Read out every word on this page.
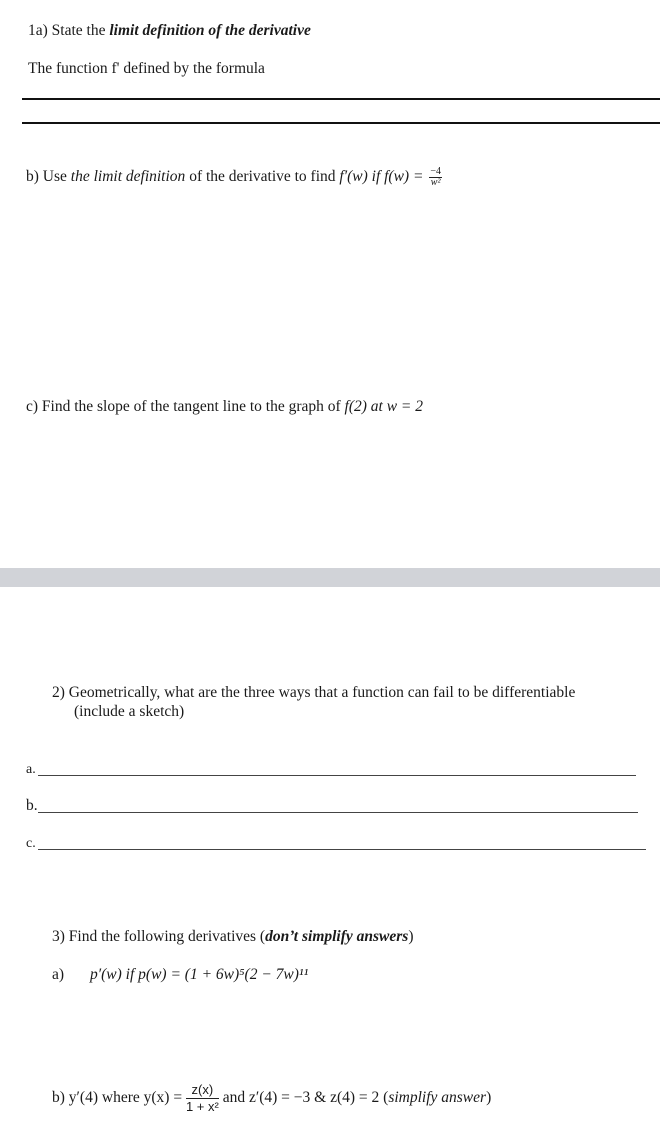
1a) State the limit definition of the derivative
The function f' defined by the formula
b) Use the limit definition of the derivative to find f′(w) if $f(w) = \frac{-4}{\text{w²}}$
c) Find the slope of the tangent line to the graph of f(2) at w = 2
2) Geometrically, what are the three ways that a function can fail to be differentiable
(include a sketch)
a.
b.
c.
3) Find the following derivatives (don’t simplify answers)
a) p′(w) if p(w) = (1 + 6w)⁵(2 − 7w)¹¹
b) y′(4) where $y(x) = \frac{z(x)}{\text{1 + x²}}$ and z′(4) = −3 & z(4) = 2 (simplify answer)
